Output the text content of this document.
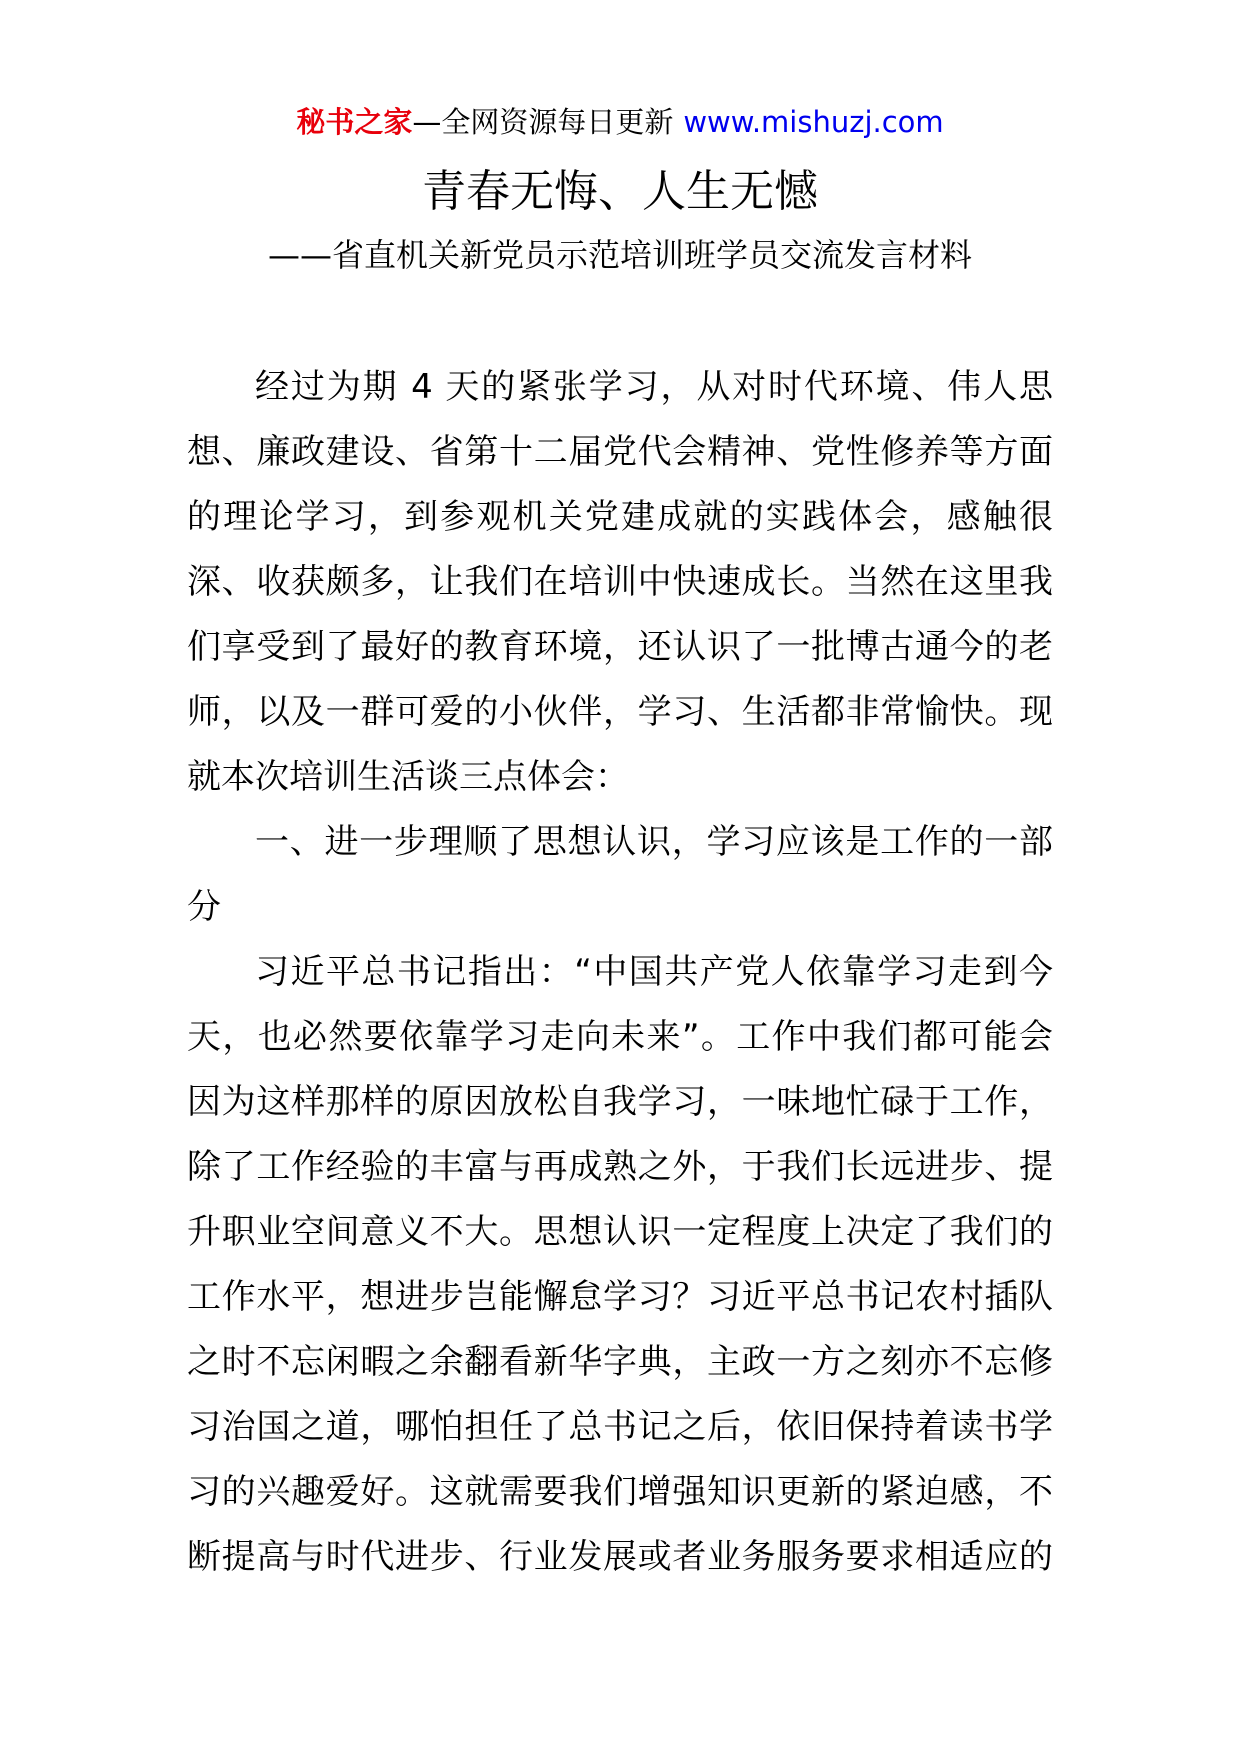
秘书之家—全网资源每日更新 www.mishuzj.com
青春无悔、人生无憾
——省直机关新党员示范培训班学员交流发言材料
经过为期 4 天的紧张学习，从对时代环境、伟人思
想、廉政建设、省第十二届党代会精神、党性修养等方面
的理论学习，到参观机关党建成就的实践体会，感触很
深、收获颇多，让我们在培训中快速成长。当然在这里我
们享受到了最好的教育环境，还认识了一批博古通今的老
师，以及一群可爱的小伙伴，学习、生活都非常愉快。现
就本次培训生活谈三点体会：
一、进一步理顺了思想认识，学习应该是工作的一部
分
习近平总书记指出：“中国共产党人依靠学习走到今
天，也必然要依靠学习走向未来”。工作中我们都可能会
因为这样那样的原因放松自我学习，一味地忙碌于工作，
除了工作经验的丰富与再成熟之外，于我们长远进步、提
升职业空间意义不大。思想认识一定程度上决定了我们的
工作水平，想进步岂能懈怠学习？习近平总书记农村插队
之时不忘闲暇之余翻看新华字典，主政一方之刻亦不忘修
习治国之道，哪怕担任了总书记之后，依旧保持着读书学
习的兴趣爱好。这就需要我们增强知识更新的紧迫感，不
断提高与时代进步、行业发展或者业务服务要求相适应的
